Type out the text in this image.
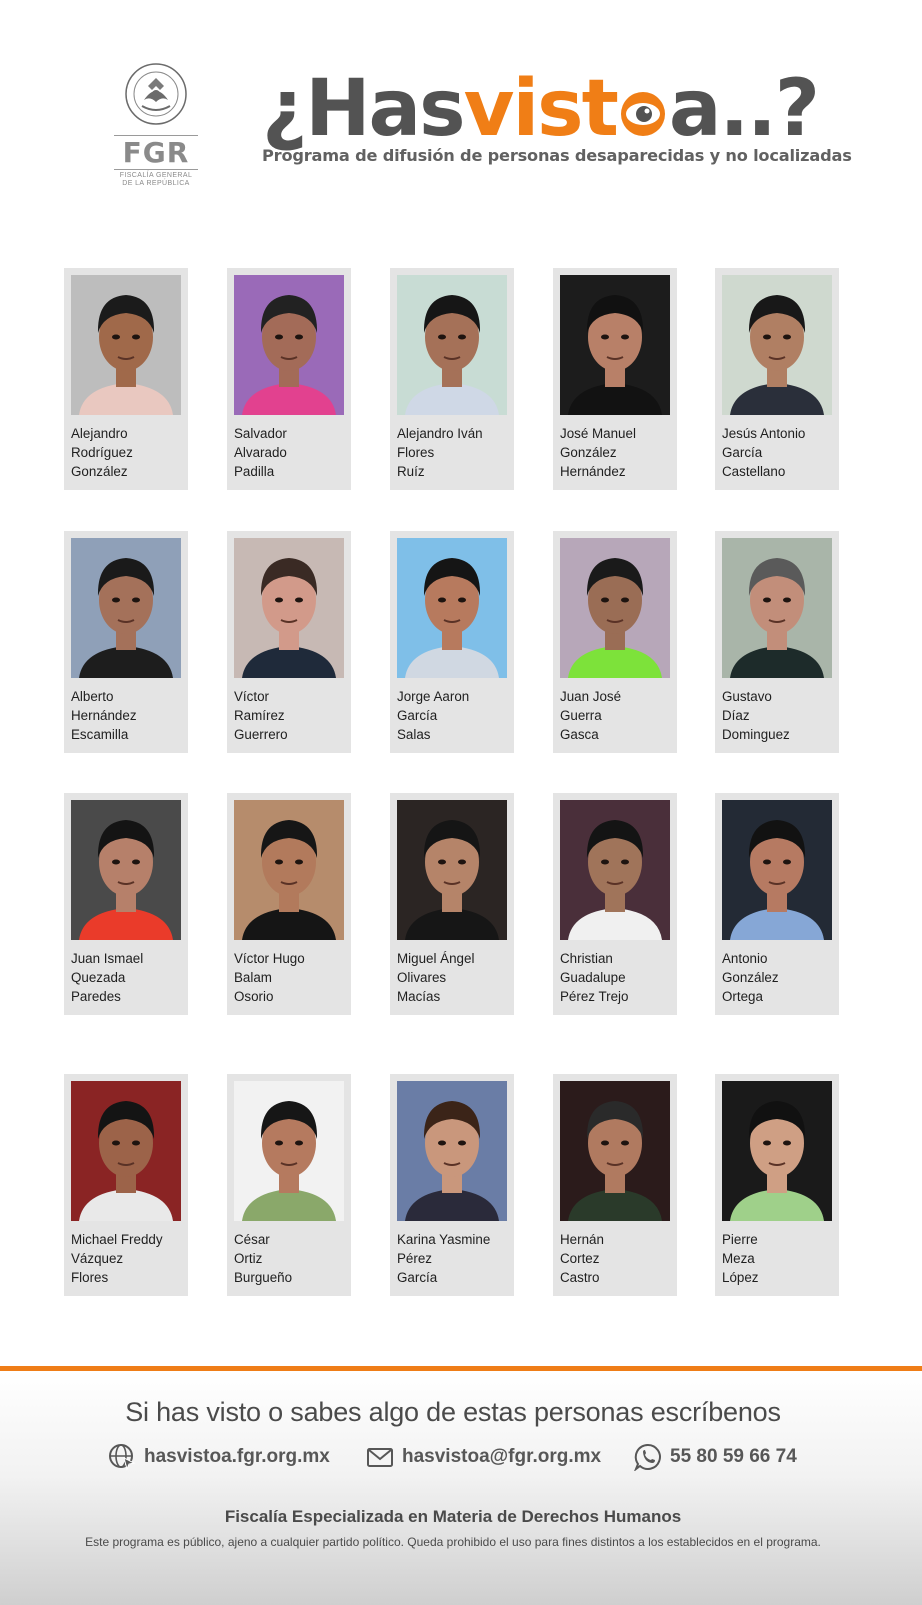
FGR
FISCALÍA GENERAL
DE LA REPÚBLICA
¿Hasvist a..?
Programa de difusión de personas desaparecidas y no localizadas
Alejandro
Rodríguez
González
Salvador
Alvarado
Padilla
Alejandro Iván
Flores
Ruíz
José Manuel
González
Hernández
Jesús Antonio
García
Castellano
Alberto
Hernández
Escamilla
Víctor
Ramírez
Guerrero
Jorge Aaron
García
Salas
Juan José
Guerra
Gasca
Gustavo
Díaz
Dominguez
Juan Ismael
Quezada
Paredes
Víctor Hugo
Balam
Osorio
Miguel Ángel
Olivares
Macías
Christian
Guadalupe
Pérez Trejo
Antonio
González
Ortega
Michael Freddy
Vázquez
Flores
César
Ortiz
Burgueño
Karina Yasmine
Pérez
García
Hernán
Cortez
Castro
Pierre
Meza
López
Si has visto o sabes algo de estas personas escríbenos
hasvistoa.fgr.org.mx	hasvistoa@fgr.org.mx	55 80 59 66 74
Fiscalía Especializada en Materia de Derechos Humanos
Este programa es público, ajeno a cualquier partido político. Queda prohibido el uso para fines distintos a los establecidos en el programa.
